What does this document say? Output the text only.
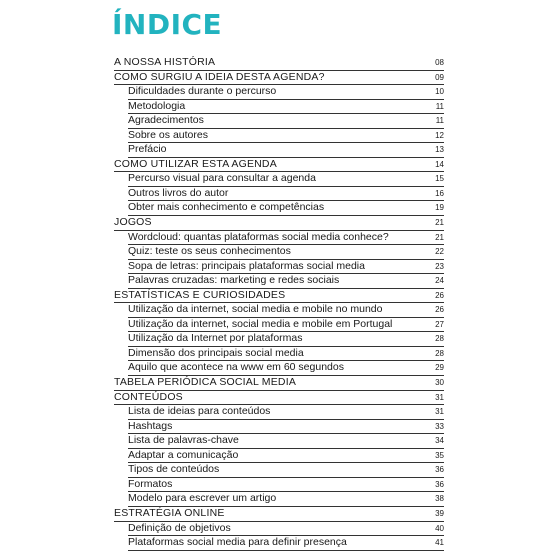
ÍNDICE
A NOSSA HISTÓRIA	08
COMO SURGIU A IDEIA DESTA AGENDA?	09
Dificuldades durante o percurso	10
Metodologia	11
Agradecimentos	11
Sobre os autores	12
Prefácio	13
COMO UTILIZAR ESTA AGENDA	14
Percurso visual para consultar a agenda	15
Outros livros do autor	16
Obter mais conhecimento e competências	19
JOGOS	21
Wordcloud: quantas plataformas social media conhece?	21
Quiz: teste os seus conhecimentos	22
Sopa de letras: principais plataformas social media	23
Palavras cruzadas: marketing e redes sociais	24
ESTATÍSTICAS E CURIOSIDADES	26
Utilização da internet, social media e mobile no mundo	26
Utilização da internet, social media e mobile em Portugal	27
Utilização da Internet por plataformas	28
Dimensão dos principais social media	28
Aquilo que acontece na www em 60 segundos	29
TABELA PERIÓDICA SOCIAL MEDIA	30
CONTEÚDOS	31
Lista de ideias para conteúdos	31
Hashtags	33
Lista de palavras-chave	34
Adaptar a comunicação	35
Tipos de conteúdos	36
Formatos	36
Modelo para escrever um artigo	38
ESTRATÉGIA ONLINE	39
Definição de objetivos	40
Plataformas social media para definir presença	41
